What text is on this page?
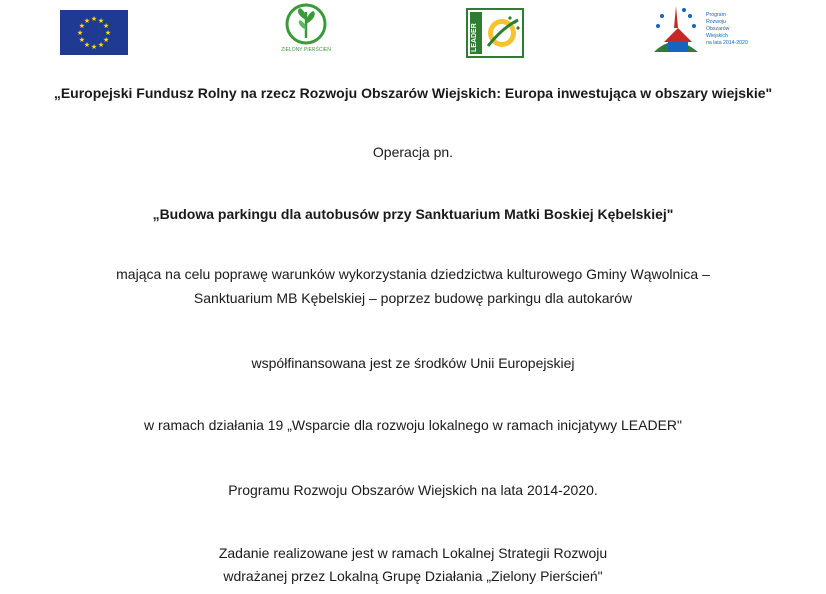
★ ★
★
★
★
★
★
★
★
★
★
★
ZIELONY PIERŚCIEŃ	LEADER
Program
Rozwoju
Obszarów
Wiejskich
na lata 2014-2020
„Europejski Fundusz Rolny na rzecz Rozwoju Obszarów Wiejskich: Europa inwestująca w obszary wiejskie"
Operacja pn.
„Budowa parkingu dla autobusów przy Sanktuarium Matki Boskiej Kębelskiej"
mająca na celu poprawę warunków wykorzystania dziedzictwa kulturowego Gminy Wąwolnica –
Sanktuarium MB Kębelskiej – poprzez budowę parkingu dla autokarów
współfinansowana jest ze środków Unii Europejskiej
w ramach działania 19 „Wsparcie dla rozwoju lokalnego w ramach inicjatywy LEADER"
Programu Rozwoju Obszarów Wiejskich na lata 2014-2020.
Zadanie realizowane jest w ramach Lokalnej Strategii Rozwoju
wdrażanej przez Lokalną Grupę Działania „Zielony Pierścień"
